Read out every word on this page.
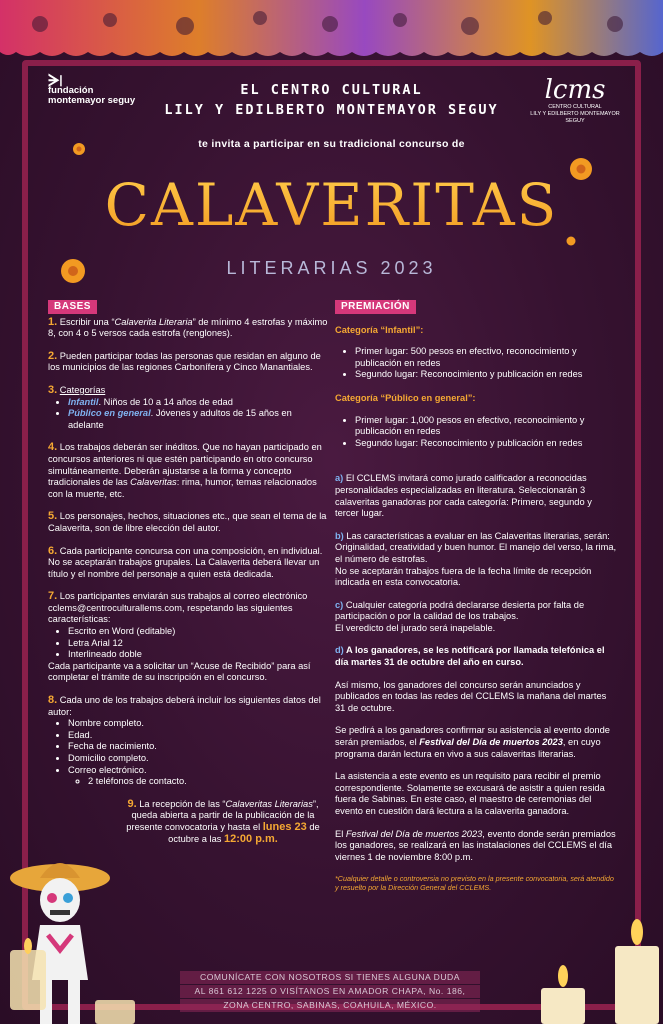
ᗒ৷
fundación
montemayor seguy	lcms
CENTRO CULTURAL
LILY Y EDILBERTO MONTEMAYOR SEGUY
EL CENTRO CULTURAL
LILY Y EDILBERTO MONTEMAYOR SEGUY
te invita a participar en su tradicional concurso de
CALAVERITAS
LITERARIAS 2023
BASES

1. Escribir una “Calaverita Literaria” de mínimo 4 estrofas y máximo 8, con 4 o 5 versos cada estrofa (renglones).

2. Pueden participar todas las personas que residan en alguno de los municipios de las regiones Carbonífera y Cinco Manantiales.

3. Categorías
• Infantil. Niños de 10 a 14 años de edad
• Público en general. Jóvenes y adultos de 15 años en adelante

4. Los trabajos deberán ser inéditos. Que no hayan participado en concursos anteriores ni que estén participando en otro concurso simultáneamente. Deberán ajustarse a la forma y concepto tradicionales de las Calaveritas: rima, humor, temas relacionados con la muerte, etc.

5. Los personajes, hechos, situaciones etc., que sean el tema de la Calaverita, son de libre elección del autor.

6. Cada participante concursa con una composición, en individual. No se aceptarán trabajos grupales. La Calaverita deberá llevar un título y el nombre del personaje a quien está dedicada.

7. Los participantes enviarán sus trabajos al correo electrónico cclems@centroculturallems.com, respetando las siguientes características:
• Escrito en Word (editable)
• Letra Arial 12
• Interlineado doble
Cada participante va a solicitar un “Acuse de Recibido” para así completar el trámite de su inscripción en el concurso.
8. Cada uno de los trabajos deberá incluir los siguientes datos del autor:
• Nombre completo.
• Edad.
• Fecha de nacimiento.
• Domicilio completo.
• Correo electrónico.
◦ 2 teléfonos de contacto.

9. La recepción de las “Calaveritas Literarias”, queda abierta a partir de la publicación de la presente convocatoria y hasta el lunes 23 de octubre a las 12:00 p.m.

PREMIACIÓN
Categoría “Infantil”:
• Primer lugar: 500 pesos en efectivo, reconocimiento y publicación en redes
• Segundo lugar: Reconocimiento y publicación en redes
Categoría “Público en general”:
• Primer lugar: 1,000 pesos en efectivo, reconocimiento y publicación en redes
• Segundo lugar: Reconocimiento y publicación en redes

a) El CCLEMS invitará como jurado calificador a reconocidas personalidades especializadas en literatura. Seleccionarán 3 calaveritas ganadoras por cada categoría: Primero, segundo y tercer lugar.

b) Las características a evaluar en las Calaveritas literarias, serán: Originalidad, creatividad y buen humor. El manejo del verso, la rima, el número de estrofas.
No se aceptarán trabajos fuera de la fecha límite de recepción indicada en esta convocatoria.

c) Cualquier categoría podrá declararse desierta por falta de participación o por la calidad de los trabajos.
El veredicto del jurado será inapelable.

d) A los ganadores, se les notificará por llamada telefónica el día martes 31 de octubre del año en curso.

Así mismo, los ganadores del concurso serán anunciados y publicados en todas las redes del CCLEMS la mañana del martes 31 de octubre.

Se pedirá a los ganadores confirmar su asistencia al evento donde serán premiados, el Festival del Día de muertos 2023, en cuyo programa darán lectura en vivo a sus calaveritas literarias.

La asistencia a este evento es un requisito para recibir el premio correspondiente. Solamente se excusará de asistir a quien resida fuera de Sabinas. En este caso, el maestro de ceremonias del evento en cuestión dará lectura a la calaverita ganadora.

El Festival del Día de muertos 2023, evento donde serán premiados los ganadores, se realizará en las instalaciones del CCLEMS el día viernes 1 de noviembre 8:00 p.m.

*Cualquier detalle o controversia no previsto en la presente convocatoria, será atendido y resuelto por la Dirección General del CCLEMS.
COMUNÍCATE CON NOSOTROS SI TIENES ALGUNA DUDA
AL 861 612 1225 O VISÍTANOS EN AMADOR CHAPA, No. 186,
ZONA CENTRO, SABINAS, COAHUILA, MÉXICO.
